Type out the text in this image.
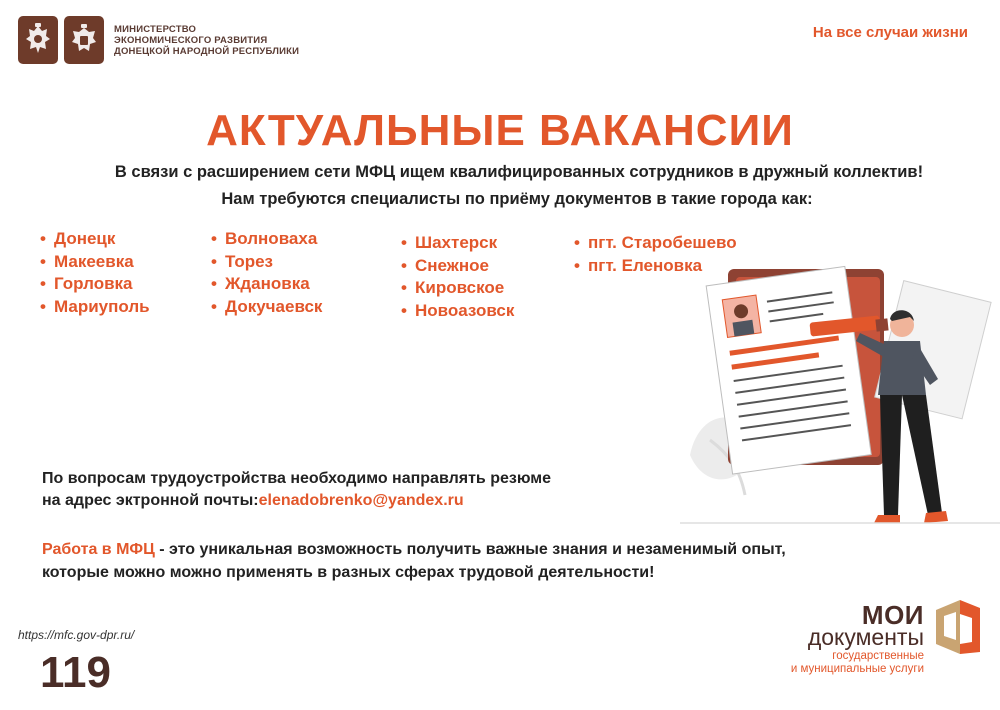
МИНИСТЕРСТВО
ЭКОНОМИЧЕСКОГО РАЗВИТИЯ
ДОНЕЦКОЙ НАРОДНОЙ РЕСПУБЛИКИ
На все случаи жизни
АКТУАЛЬНЫЕ ВАКАНСИИ
В связи с расширением сети МФЦ ищем квалифицированных сотрудников в дружный коллектив!
Нам требуются специалисты по приёму документов в такие города как:
• Донецк
• Макеевка
• Горловка
• Мариуполь
• Волноваха
• Торез
• Ждановка
• Докучаевск
• Шахтерск
• Снежное
• Кировское
• Новоазовск
• пгт. Старобешево
• пгт. Еленовка
По вопросам трудоустройства необходимо направлять резюме
на адрес эктронной почты:elenadobrenko@yandex.ru
Работа в МФЦ - это уникальная возможность получить важные знания и незаменимый опыт,
которые можно можно применять в разных сферах трудовой деятельности!
https://mfc.gov-dpr.ru/
119
МОИ
документы
государственные
и муниципальные услуги
